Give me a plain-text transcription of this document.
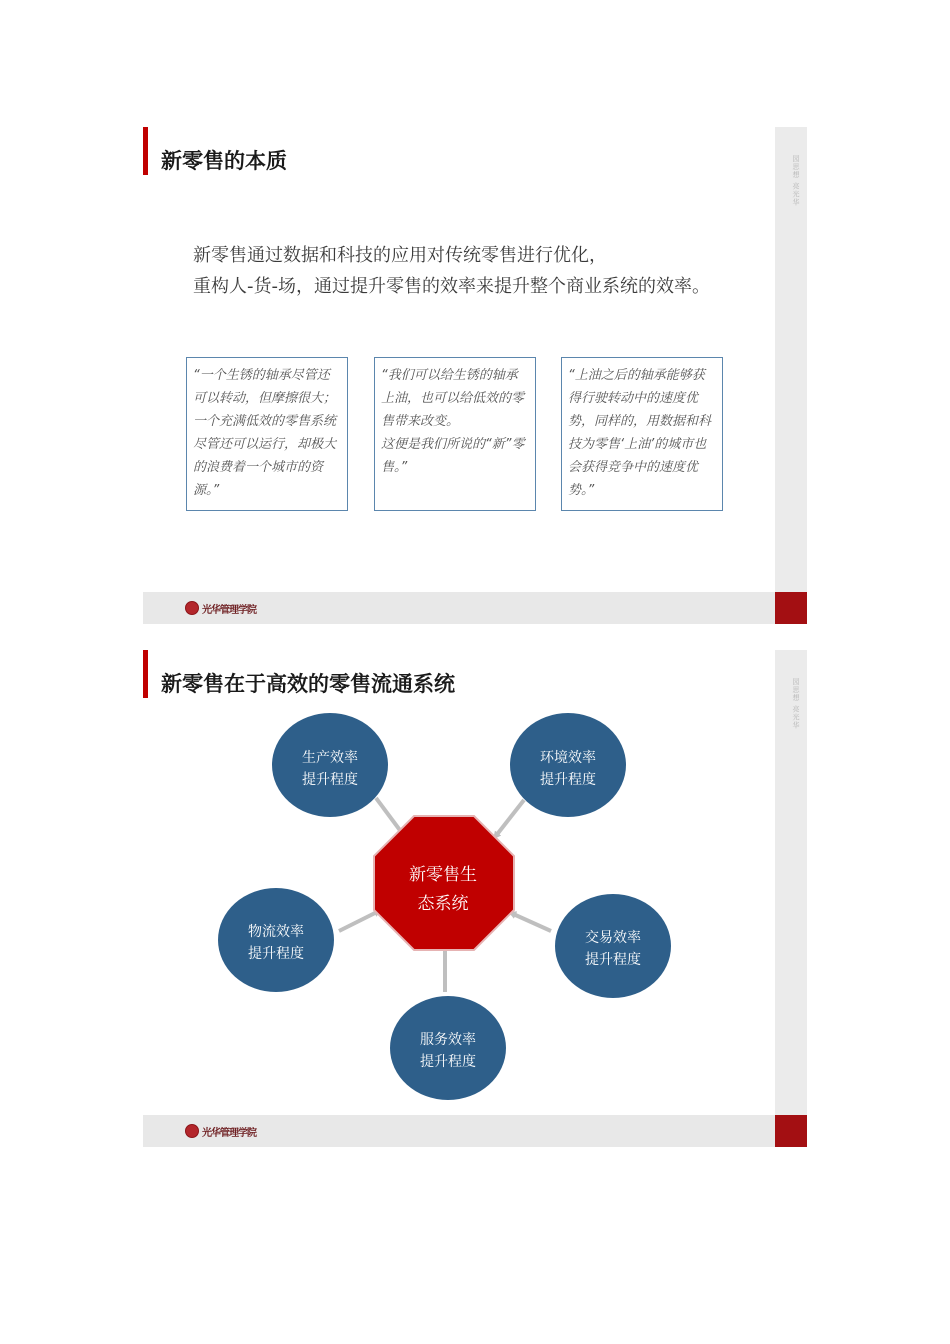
新零售的本质
新零售通过数据和科技的应用对传统零售进行优化，
重构人-货-场，通过提升零售的效率来提升整个商业系统的效率。

“一个生锈的轴承尽管还可以转动，但摩擦很大；一个充满低效的零售系统尽管还可以运行，却极大的浪费着一个城市的资源。”

“我们可以给生锈的轴承上油，也可以给低效的零售带来改变。

这便是我们所说的“新”零售。”

“上油之后的轴承能够获得行驶转动中的速度优势，同样的，用数据和科技为零售‘上油’的城市也会获得竞争中的速度优势。”

园思想 亮光华
光华管理学院
新零售在于高效的零售流通系统
新零售生
态系统
生产效率
提升程度
环境效率
提升程度
物流效率
提升程度
交易效率
提升程度
服务效率
提升程度
园思想 亮光华
光华管理学院
